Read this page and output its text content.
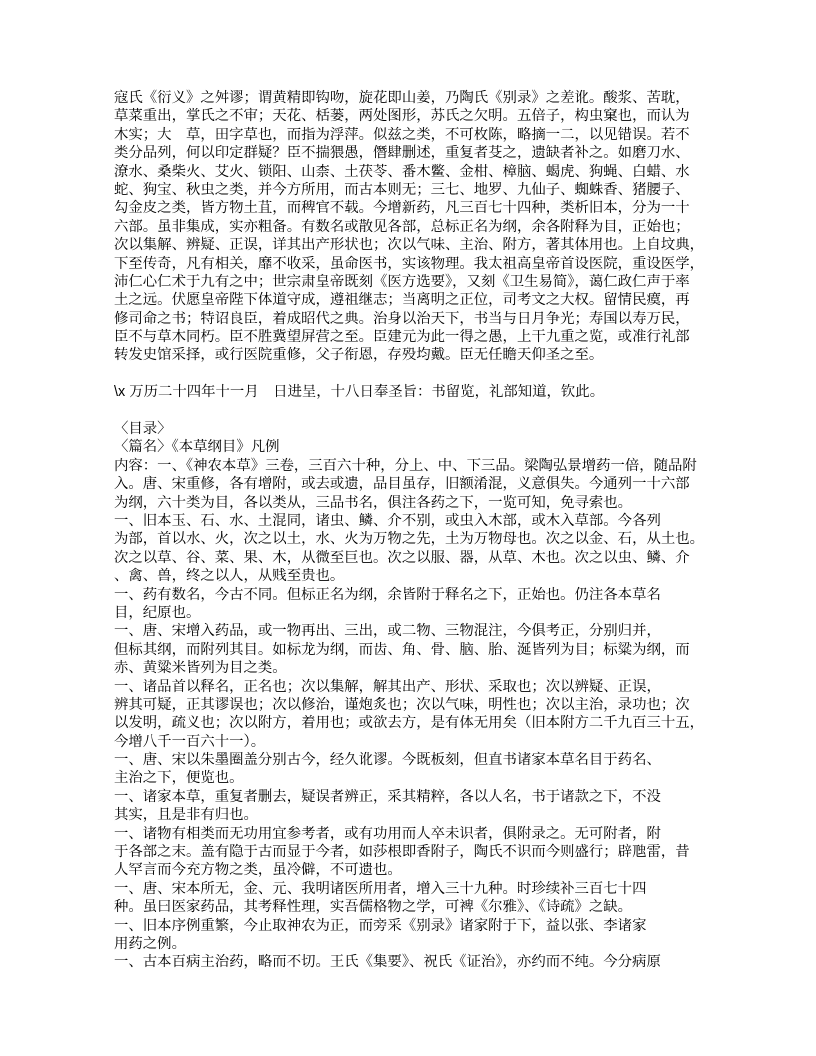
寇氏《衍义》之舛谬；谓黄精即钩吻，旋花即山姜，乃陶氏《别录》之差讹。酸浆、苦耽，
草菜重出，掌氏之不审；天花、栝蒌，两处图形，苏氏之欠明。五倍子，构虫窠也，而认为
木实；大　草，田字草也，而指为浮萍。似兹之类，不可枚陈，略摘一二，以见错误。若不
类分品列，何以印定群疑？臣不揣猥愚，僭肆删述，重复者芟之，遗缺者补之。如磨刀水、
潦水、桑柴火、艾火、锁阳、山柰、土茯苓、番木鳖、金柑、樟脑、蝎虎、狗蝇、白蜡、水
蛇、狗宝、秋虫之类，并今方所用，而古本则无；三七、地罗、九仙子、蜘蛛香、猪腰子、
勾金皮之类，皆方物土苴，而稗官不载。今增新药，凡三百七十四种，类析旧本，分为一十
六部。虽非集成，实亦粗备。有数名或散见各部，总标正名为纲，余各附释为目，正始也；
次以集解、辨疑、正误，详其出产形状也；次以气味、主治、附方，著其体用也。上自坟典，
下至传奇，凡有相关，靡不收采，虽命医书，实该物理。我太祖高皇帝首设医院，重设医学，
沛仁心仁术于九有之中；世宗肃皇帝既刻《医方选要》，又刻《卫生易简》，蔼仁政仁声于率
土之远。伏愿皇帝陛下体道守成，遵祖继志；当离明之正位，司考文之大权。留情民瘼，再
修司命之书；特诏良臣，着成昭代之典。治身以治天下，书当与日月争光；寿国以寿万民，
臣不与草木同朽。臣不胜冀望屏营之至。臣建元为此一得之愚，上干九重之览，或准行礼部
转发史馆采择，或行医院重修，父子衔恩，存殁均戴。臣无任瞻天仰圣之至。
\x 万历二十四年十一月　日进呈，十八日奉圣旨：书留览，礼部知道，钦此。
〈目录〉
〈篇名〉《本草纲目》凡例
内容：一、《神农本草》三卷，三百六十种，分上、中、下三品。梁陶弘景增药一倍，随品附
入。唐、宋重修，各有增附，或去或遗，品目虽存，旧额淆混，义意俱失。今通列一十六部
为纲，六十类为目，各以类从，三品书名，俱注各药之下，一览可知，免寻索也。
一、旧本玉、石、水、土混同，诸虫、鳞、介不别，或虫入木部，或木入草部。今各列
为部，首以水、火，次之以土，水、火为万物之先，土为万物母也。次之以金、石，从土也。
次之以草、谷、菜、果、木，从微至巨也。次之以服、器，从草、木也。次之以虫、鳞、介
、禽、兽，终之以人，从贱至贵也。
一、药有数名，今古不同。但标正名为纲，余皆附于释名之下，正始也。仍注各本草名
目，纪原也。
一、唐、宋增入药品，或一物再出、三出，或二物、三物混注，今俱考正，分别归并，
但标其纲，而附列其目。如标龙为纲，而齿、角、骨、脑、胎、涎皆列为目；标粱为纲，而
赤、黄粱米皆列为目之类。
一、诸品首以释名，正名也；次以集解，解其出产、形状、采取也；次以辨疑、正误，
辨其可疑，正其谬误也；次以修治，谨炮炙也；次以气味，明性也；次以主治，录功也；次
以发明，疏义也；次以附方，着用也；或欲去方，是有体无用矣（旧本附方二千九百三十五，
今增八千一百六十一）。
一、唐、宋以朱墨圈盖分别古今，经久讹谬。今既板刻，但直书诸家本草名目于药名、
主治之下，便览也。
一、诸家本草，重复者删去，疑误者辨正，采其精粹，各以人名，书于诸款之下，不没
其实，且是非有归也。
一、诸物有相类而无功用宜参考者，或有功用而人卒未识者，俱附录之。无可附者，附
于各部之末。盖有隐于古而显于今者，如莎根即香附子，陶氏不识而今则盛行；辟虺雷，昔
人罕言而今充方物之类，虽冷僻，不可遗也。
一、唐、宋本所无，金、元、我明诸医所用者，增入三十九种。时珍续补三百七十四
种。虽曰医家药品，其考释性理，实吾儒格物之学，可裨《尔雅》、《诗疏》之缺。
一、旧本序例重繁，今止取神农为正，而旁采《别录》诸家附于下，益以张、李诸家
用药之例。
一、古本百病主治药，略而不切。王氏《集要》、祝氏《证治》，亦约而不纯。今分病原
